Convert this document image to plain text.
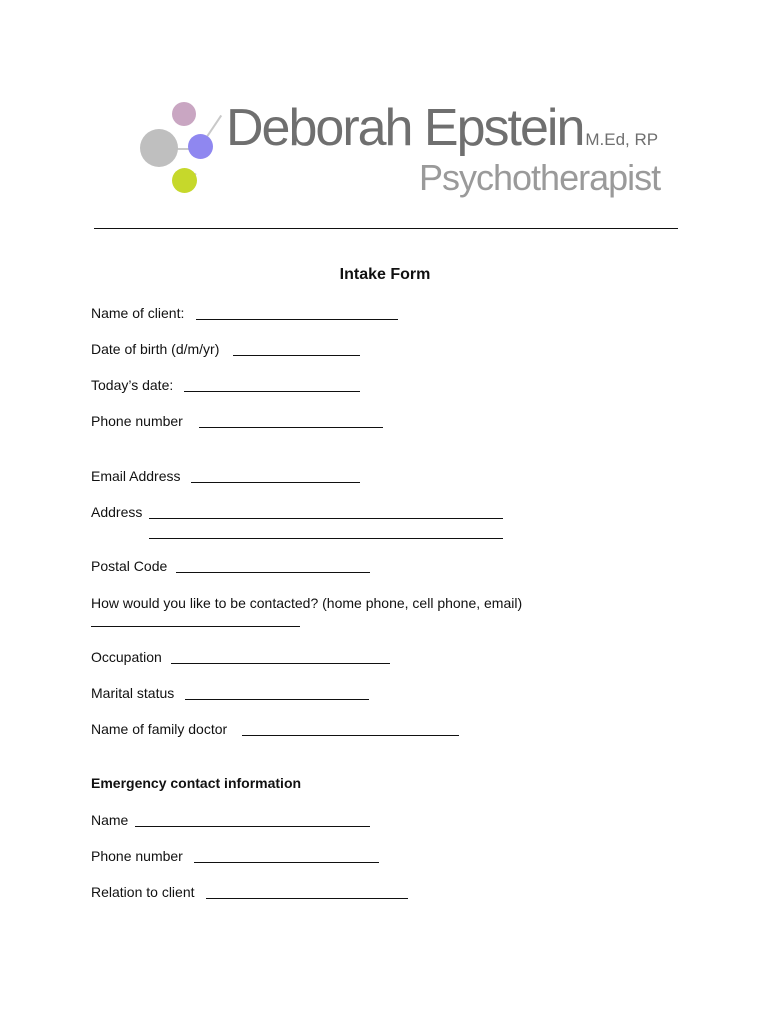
Deborah Epstein M.Ed, RP
Psychotherapist
Intake Form
Name of client:
Date of birth (d/m/yr)
Today’s date:
Phone number
Email Address
Address
Postal Code
How would you like to be contacted? (home phone, cell phone, email)
Occupation
Marital status
Name of family doctor
Emergency contact information
Name
Phone number
Relation to client
